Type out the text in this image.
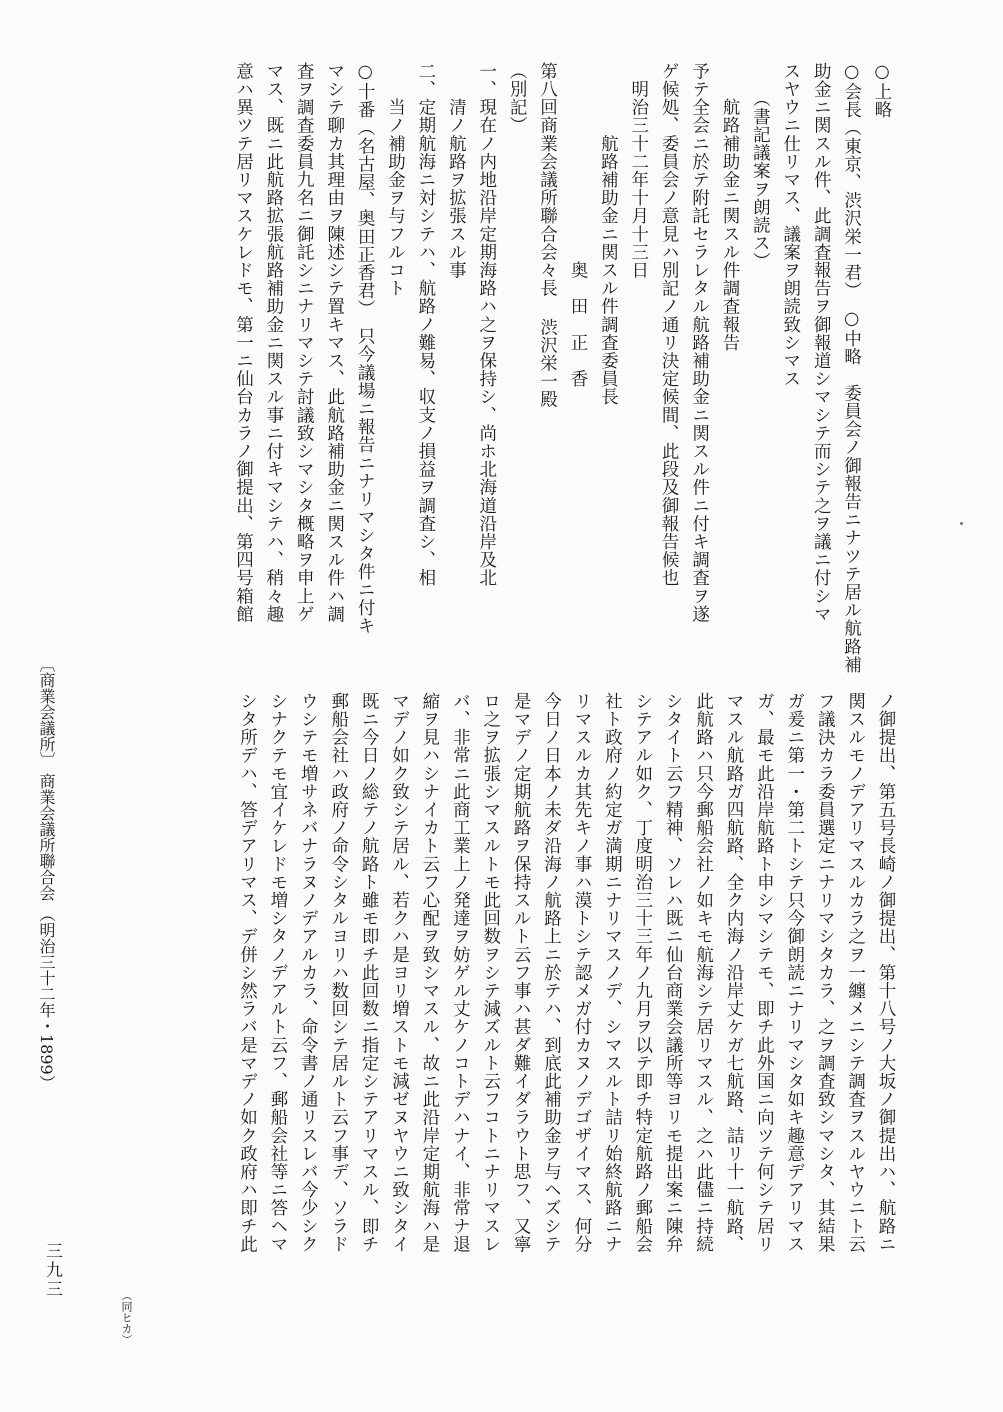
○上略
○会長（東京、渋沢栄一君）　○中略　委員会ノ御報告ニナツテ居ル航路補
助金ニ関スル件、此調査報告ヲ御報道シマシテ而シテ之ヲ議ニ付シマ
スヤウニ仕リマス、議案ヲ朗読致シマス
　　（書記議案ヲ朗読ス）
　　航路補助金ニ関スル件調査報告
予テ全会ニ於テ附託セラレタル航路補助金ニ関スル件ニ付キ調査ヲ遂
ゲ候処、委員会ノ意見ハ別記ノ通リ決定候間、此段及御報告候也
　明治三十二年十月十三日
　　　　航路補助金ニ関スル件調査委員長
　　　　　　　　　　　奥　田　正　香
第八回商業会議所聯合会々長 渋沢栄一殿
（別記）
一、現在ノ内地沿岸定期海路ハ之ヲ保持シ、尚ホ北海道沿岸及北
　　清ノ航路ヲ拡張スル事
二、定期航海ニ対シテハ、航路ノ難易、収支ノ損益ヲ調査シ、相
　　当ノ補助金ヲ与フルコト
○十番（名古屋、奥田正香君）　只今議場ニ報告ニナリマシタ件ニ付キ
マシテ聊カ其理由ヲ陳述シテ置キマス、此航路補助金ニ関スル件ハ調
査ヲ調査委員九名ニ御託シニナリマシテ討議致シマシタ概略ヲ申上ゲ
マス、既ニ此航路拡張航路補助金ニ関スル事ニ付キマシテハ、稍々趣
意ハ異ツテ居リマスケレドモ、第一ニ仙台カラノ御提出、第四号箱館
ノ御提出、第五号長崎ノ御提出、第十八号ノ大坂ノ御提出ハ、航路ニ
関スルモノデアリマスルカラ之ヲ一纏メニシテ調査ヲスルヤウニト云
フ議決カラ委員選定ニナリマシタカラ、之ヲ調査致シマシタ、其結果
ガ爰ニ第一・第二トシテ只今御朗読ニナリマシタ如キ趣意デアリマス
ガ、最モ此沿岸航路ト申シマシテモ、即チ此外国ニ向ツテ何シテ居リ
マスル航路ガ四航路、全ク内海ノ沿岸丈ケガ七航路、詰リ十一航路、
此航路ハ只今郵船会社ノ如キモ航海シテ居リマスル、之ハ此儘ニ持続
シタイト云フ精神、ソレハ既ニ仙台商業会議所等ヨリモ提出案ニ陳弁
シテアル如ク、丁度明治三十三年ノ九月ヲ以テ即チ特定航路ノ郵船会
社ト政府ノ約定ガ満期ニナリマスノデ、シマスルト詰リ始終航路ニナ
リマスルカ其先キノ事ハ漠トシテ認メガ付カヌノデゴザイマス、何分
今日ノ日本ノ未ダ沿海ノ航路上ニ於テハ、到底此補助金ヲ与ヘズシテ
是マデノ定期航路ヲ保持スルト云フ事ハ甚ダ難イダラウト思フ、又寧
ロ之ヲ拡張シマスルトモ此回数ヲシテ減ズルト云フコトニナリマスレ
バ、非常ニ此商工業上ノ発達ヲ妨ゲル丈ケノコトデハナイ、非常ナ退
縮ヲ見ハシナイカト云フ心配ヲ致シマスル、故ニ此沿岸定期航海ハ是
マデノ如ク致シテ居ル、若クハ是ヨリ増ストモ減ゼヌヤウニ致シタイ
既ニ今日ノ総テノ航路ト雖モ即チ此回数ニ指定シテアリマスル、即チ
郵船会社ハ政府ノ命令シタルヨリハ数回シテ居ルト云フ事デ、ソラド
ウシテモ増サネバナラヌノデアルカラ、命令書ノ通リスレバ今少シク
シナクテモ宜イケレドモ増シタノデアルト云フ、郵船会社等ニ答ヘマ
シタ所デハ、答デアリマス、デ併シ然ラバ是マデノ如ク政府ハ即チ此
〔商業会議所〕 商業会議所聯合会 （明治三十二年・1899）
三九三
（同ヒカ）
